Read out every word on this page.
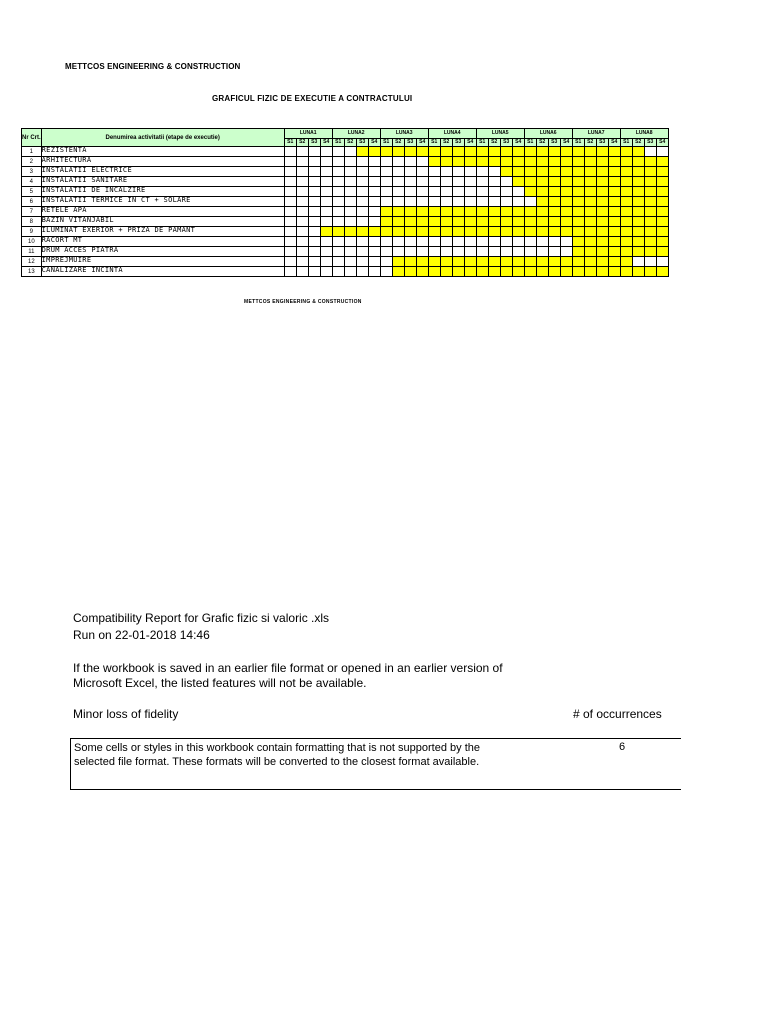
METTCOS ENGINEERING & CONSTRUCTION
GRAFICUL FIZIC DE EXECUTIE A CONTRACTULUI
Nr Crt.	Denumirea activitatii (etape de executie)	LUNA1				LUNA2				LUNA3				LUNA4				LUNA5				LUNA6				LUNA7				LUNA8			
		S1	S2	S3	S4	S1	S2	S3	S4	S1	S2	S3	S4	S1	S2	S3	S4	S1	S2	S3	S4	S1	S2	S3	S4	S1	S2	S3	S4	S1	S2	S3	S4
1	REZISTENTA																																
2	ARHITECTURA																																
3	INSTALATII ELECTRICE																																
4	INSTALATII SANITARE																																
5	INSTALATII DE INCALZIRE																																
6	INSTALATII TERMICE IN CT + SOLARE																																
7	RETELE APA																																
8	BAZIN VITANJABIL																																
9	ILUMINAT EXERIOR + PRIZA DE PAMANT																																
10	RACORT MT																																
11	DRUM ACCES PIATRA																																
12	IMPREJMUIRE																																
13	CANALIZARE INCINTA																																
METTCOS ENGINEERING & CONSTRUCTION
Compatibility Report for Grafic fizic si valoric .xls
Run on 22-01-2018 14:46
If the workbook is saved in an earlier file format or opened in an earlier version of Microsoft Excel, the listed features will not be available.
Minor loss of fidelity	# of occurrences
Some cells or styles in this workbook contain formatting that is not supported by the selected file format. These formats will be converted to the closest format available.
6
